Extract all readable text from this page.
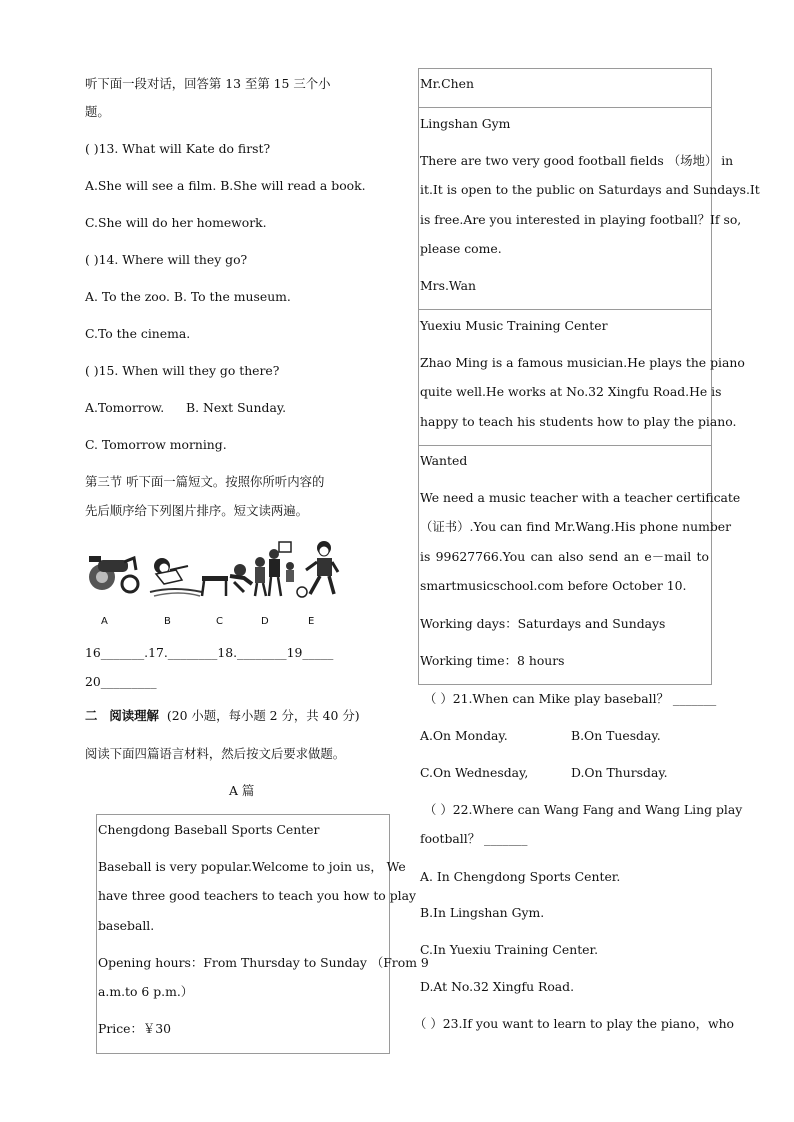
听下面一段对话，回答第 13 至第 15 三个小
题。
( )13. What will Kate do first?
A.She will see a film. B.She will read a book.
C.She will do her homework.
( )14. Where will they go?
A. To the zoo. B. To the museum.
C.To the cinema.
( )15. When will they go there?
A.Tomorrow. B. Next Sunday.
C. Tomorrow morning.
第三节 听下面一篇短文。按照你所听内容的
先后顺序给下列图片排序。短文读两遍。
A	B	C	D	E
16_______.17.________18.________19_____
20_________
二 阅读理解 (20 小题，每小题 2 分，共 40 分)
阅读下面四篇语言材料，然后按文后要求做题。
A 篇
Chengdong Baseball Sports Center
Baseball is very popular.Welcome to join us， We
have three good teachers to teach you how to play
baseball.
Opening hours：From Thursday to Sunday （From 9
a.m.to 6 p.m.）
Price：￥30
Mr.Chen
Lingshan Gym
There are two very good football fields （场地） in
it.It is open to the public on Saturdays and Sundays.It
is free.Are you interested in playing football？If so,
please come.
Mrs.Wan
Yuexiu Music Training Center
Zhao Ming is a famous musician.He plays the piano
quite well.He works at No.32 Xingfu Road.He is
happy to teach his students how to play the piano.
Wanted
We need a music teacher with a teacher certificate
（证书）.You can find Mr.Wang.His phone number
is 99627766.You can also send an e－mail to
smartmusicschool.com before October 10.
Working days：Saturdays and Sundays
Working time：8 hours
（ ）21.When can Mike play baseball？ _______
A.On Monday.	B.On Tuesday.
C.On Wednesday,	D.On Thursday.
（ ）22.Where can Wang Fang and Wang Ling play
football？ _______
A. In Chengdong Sports Center.
B.In Lingshan Gym.
C.In Yuexiu Training Center.
D.At No.32 Xingfu Road.
（ ）23.If you want to learn to play the piano，who
